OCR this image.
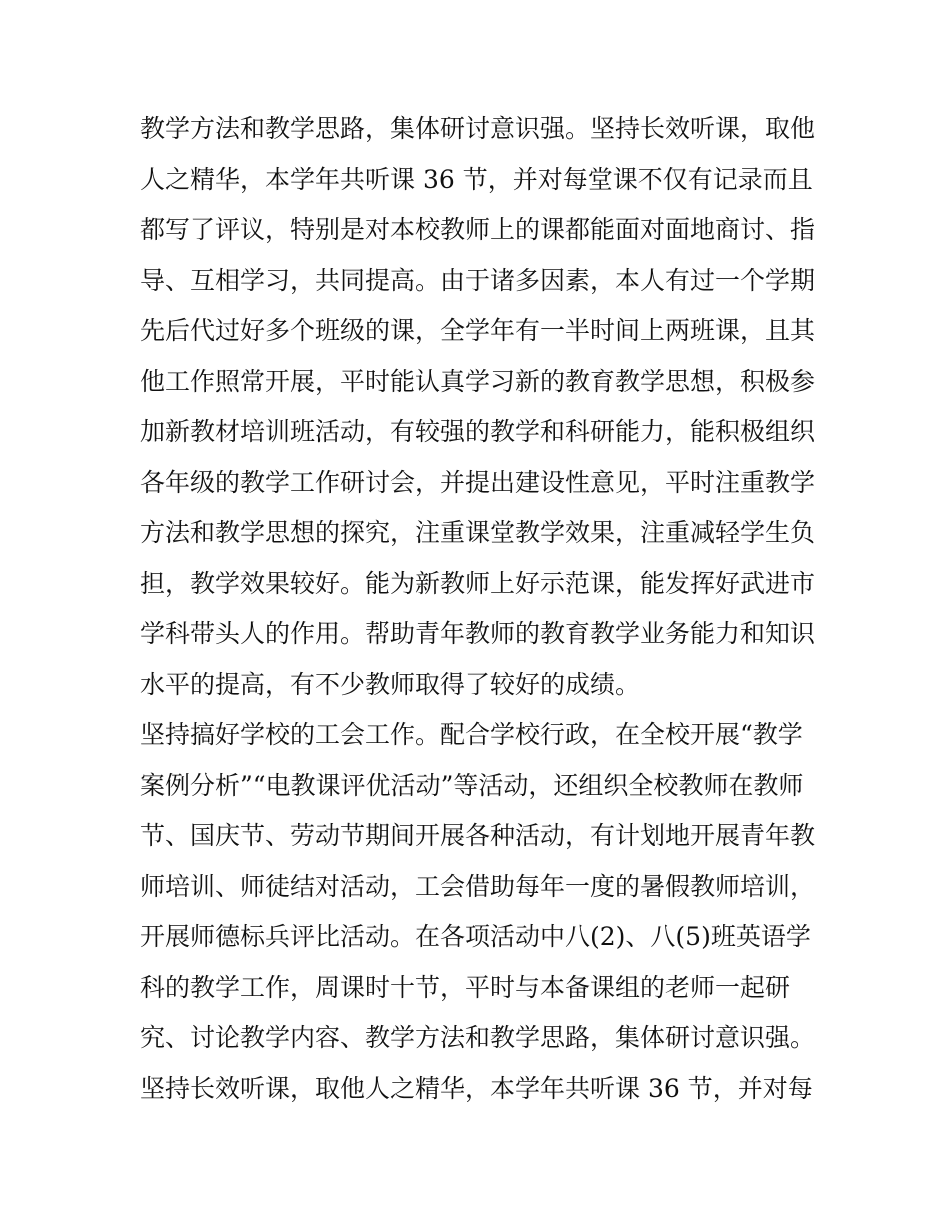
教学方法和教学思路，集体研讨意识强。坚持长效听课，取他
人之精华，本学年共听课 36 节，并对每堂课不仅有记录而且
都写了评议，特别是对本校教师上的课都能面对面地商讨、指
导、互相学习，共同提高。由于诸多因素，本人有过一个学期
先后代过好多个班级的课，全学年有一半时间上两班课，且其
他工作照常开展，平时能认真学习新的教育教学思想，积极参
加新教材培训班活动，有较强的教学和科研能力，能积极组织
各年级的教学工作研讨会，并提出建设性意见，平时注重教学
方法和教学思想的探究，注重课堂教学效果，注重减轻学生负
担，教学效果较好。能为新教师上好示范课，能发挥好武进市
学科带头人的作用。帮助青年教师的教育教学业务能力和知识
水平的提高，有不少教师取得了较好的成绩。
坚持搞好学校的工会工作。配合学校行政，在全校开展“教学
案例分析”“电教课评优活动”等活动，还组织全校教师在教师
节、国庆节、劳动节期间开展各种活动，有计划地开展青年教
师培训、师徒结对活动，工会借助每年一度的暑假教师培训，
开展师德标兵评比活动。在各项活动中八(2)、八(5)班英语学
科的教学工作，周课时十节，平时与本备课组的老师一起研
究、讨论教学内容、教学方法和教学思路，集体研讨意识强。
坚持长效听课，取他人之精华，本学年共听课 36 节，并对每
